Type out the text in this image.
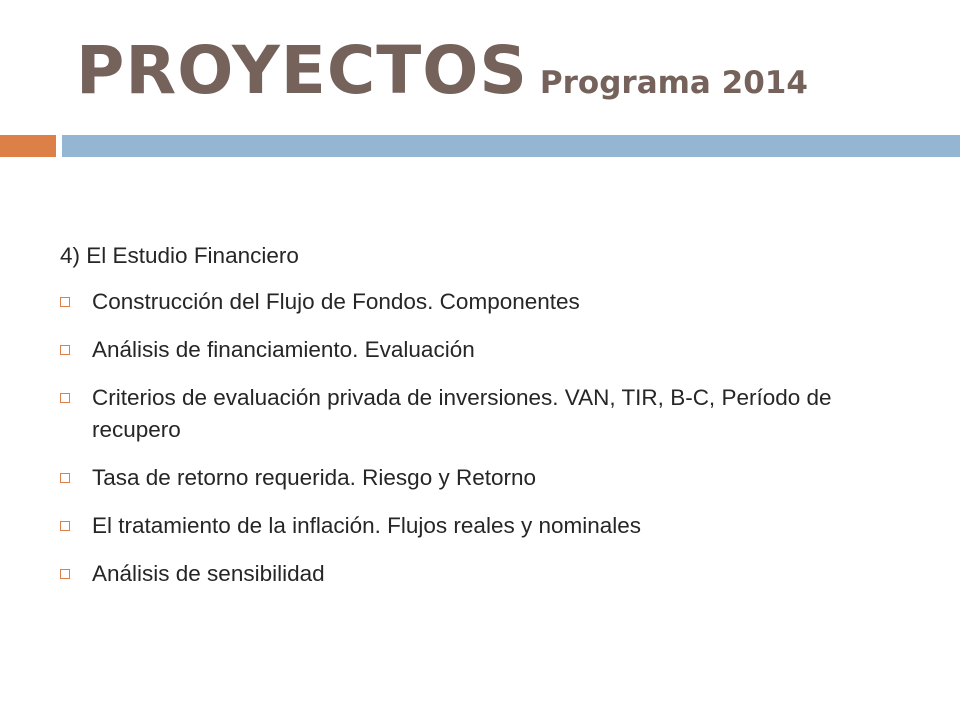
PROYECTOS Programa 2014

4) El Estudio Financiero

Construcción del Flujo de Fondos. Componentes
Análisis de financiamiento. Evaluación
Criterios de evaluación privada de inversiones. VAN, TIR, B-C, Período de recupero
Tasa de retorno requerida. Riesgo y Retorno
El tratamiento de la inflación. Flujos reales y nominales
Análisis de sensibilidad
